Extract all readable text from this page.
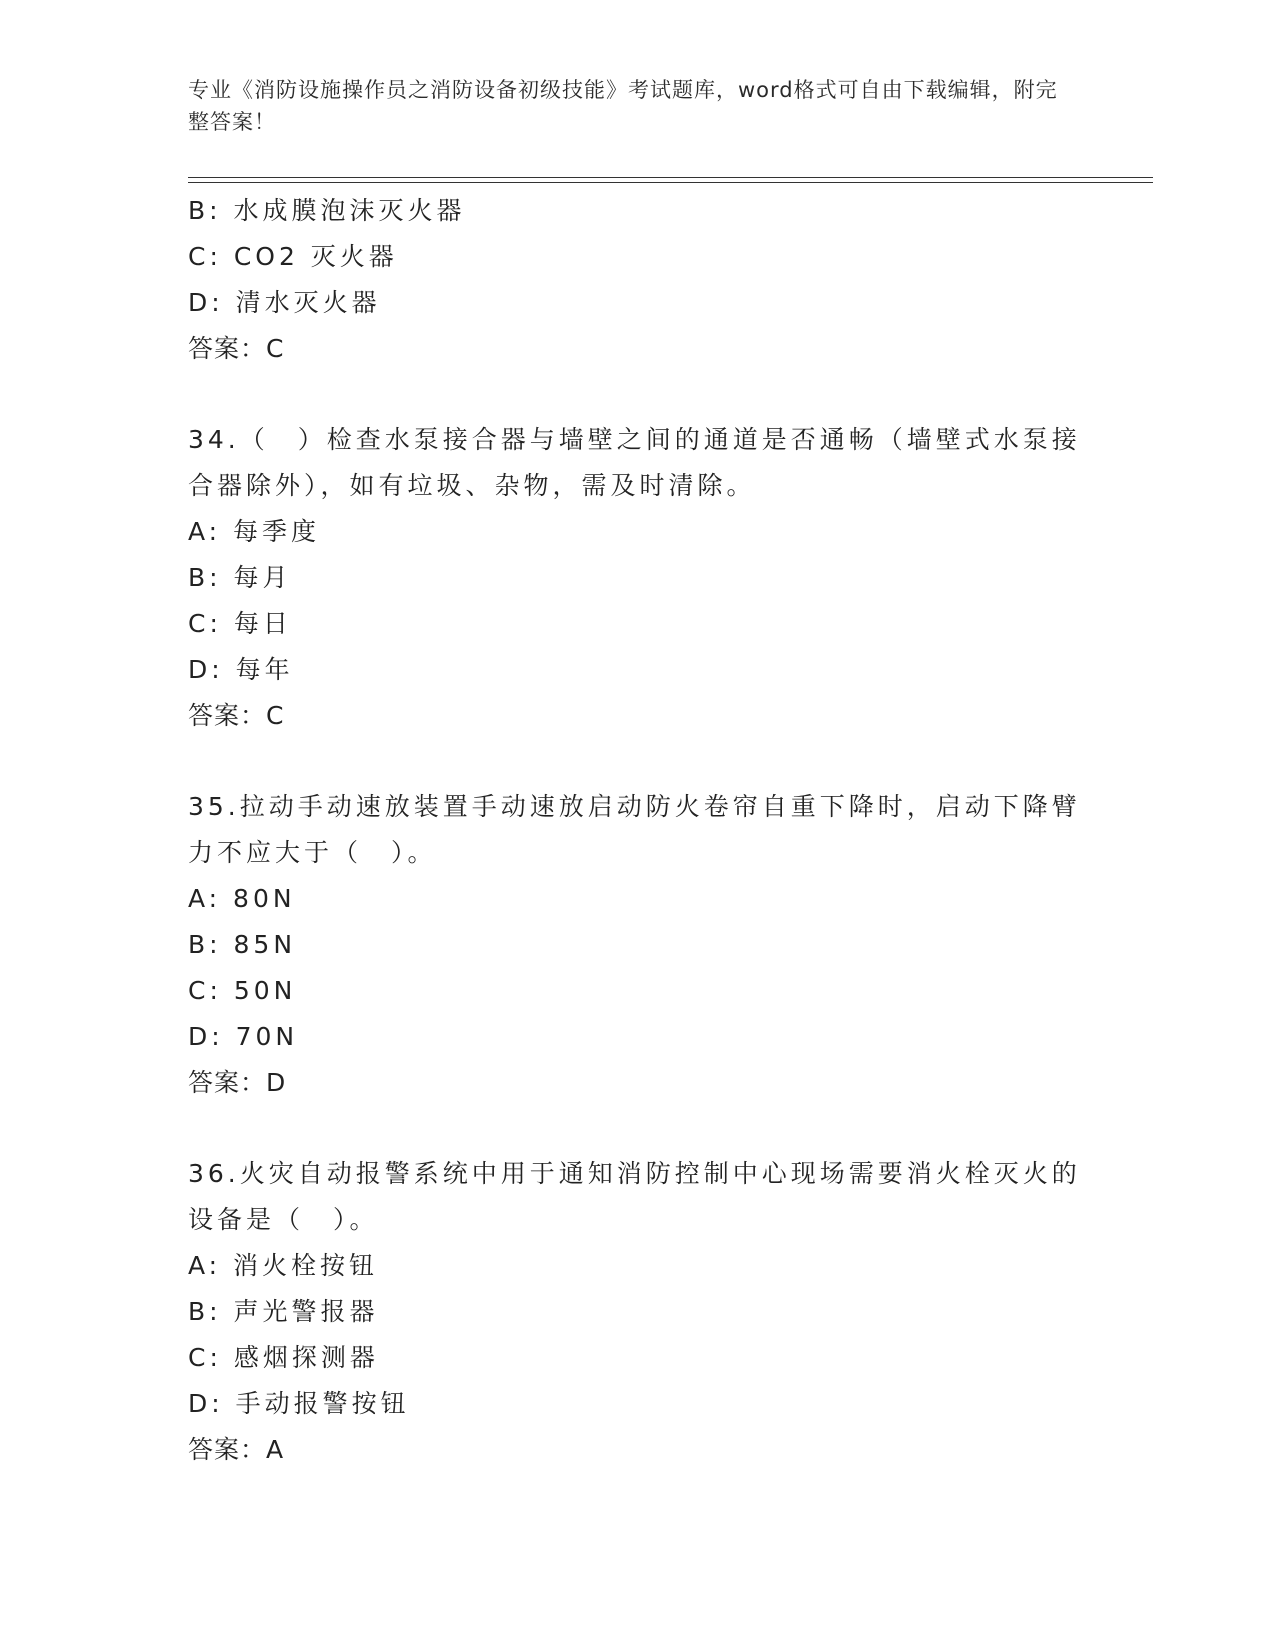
专业《消防设施操作员之消防设备初级技能》考试题库，word格式可自由下载编辑，附完整答案！
B: 水成膜泡沫灭火器
C: CO2 灭火器
D: 清水灭火器
答案：C
34.（　）检查水泵接合器与墙壁之间的通道是否通畅（墙壁式水泵接合器除外），如有垃圾、杂物，需及时清除。
A: 每季度
B: 每月
C: 每日
D: 每年
答案：C
35.拉动手动速放装置手动速放启动防火卷帘自重下降时，启动下降臂力不应大于（　）。
A: 80N
B: 85N
C: 50N
D: 70N
答案：D
36.火灾自动报警系统中用于通知消防控制中心现场需要消火栓灭火的设备是（　）。
A: 消火栓按钮
B: 声光警报器
C: 感烟探测器
D: 手动报警按钮
答案：A
